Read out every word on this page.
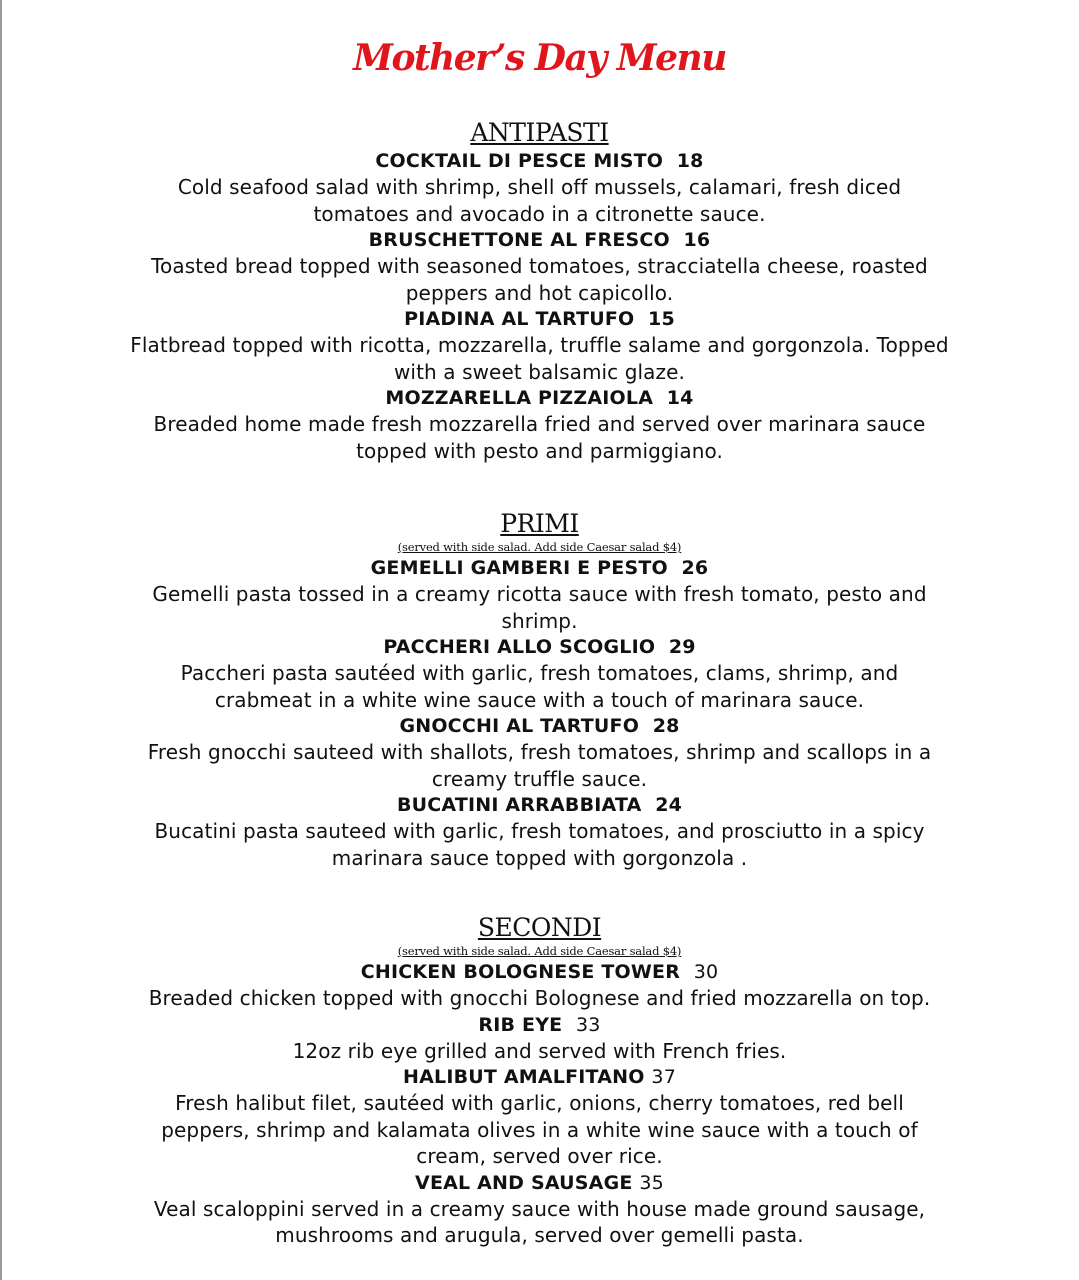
Mother’s Day Menu
ANTIPASTI
COCKTAIL DI PESCE MISTO 18
Cold seafood salad with shrimp, shell off mussels, calamari, fresh diced tomatoes and avocado in a citronette sauce.
BRUSCHETTONE AL FRESCO 16
Toasted bread topped with seasoned tomatoes, stracciatella cheese, roasted peppers and hot capicollo.
PIADINA AL TARTUFO 15
Flatbread topped with ricotta, mozzarella, truffle salame and gorgonzola. Topped with a sweet balsamic glaze.
MOZZARELLA PIZZAIOLA 14
Breaded home made fresh mozzarella fried and served over marinara sauce topped with pesto and parmiggiano.
PRIMI
(served with side salad. Add side Caesar salad $4)
GEMELLI GAMBERI E PESTO 26
Gemelli pasta tossed in a creamy ricotta sauce with fresh tomato, pesto and shrimp.
PACCHERI ALLO SCOGLIO 29
Paccheri pasta sautéed with garlic, fresh tomatoes, clams, shrimp, and crabmeat in a white wine sauce with a touch of marinara sauce.
GNOCCHI AL TARTUFO 28
Fresh gnocchi sauteed with shallots, fresh tomatoes, shrimp and scallops in a creamy truffle sauce.
BUCATINI ARRABBIATA 24
Bucatini pasta sauteed with garlic, fresh tomatoes, and prosciutto in a spicy marinara sauce topped with gorgonzola .
SECONDI
(served with side salad. Add side Caesar salad $4)
CHICKEN BOLOGNESE TOWER 30
Breaded chicken topped with gnocchi Bolognese and fried mozzarella on top.
RIB EYE 33
12oz rib eye grilled and served with French fries.
HALIBUT AMALFITANO 37
Fresh halibut filet, sautéed with garlic, onions, cherry tomatoes, red bell peppers, shrimp and kalamata olives in a white wine sauce with a touch of cream, served over rice.
VEAL AND SAUSAGE 35
Veal scaloppini served in a creamy sauce with house made ground sausage, mushrooms and arugula, served over gemelli pasta.
